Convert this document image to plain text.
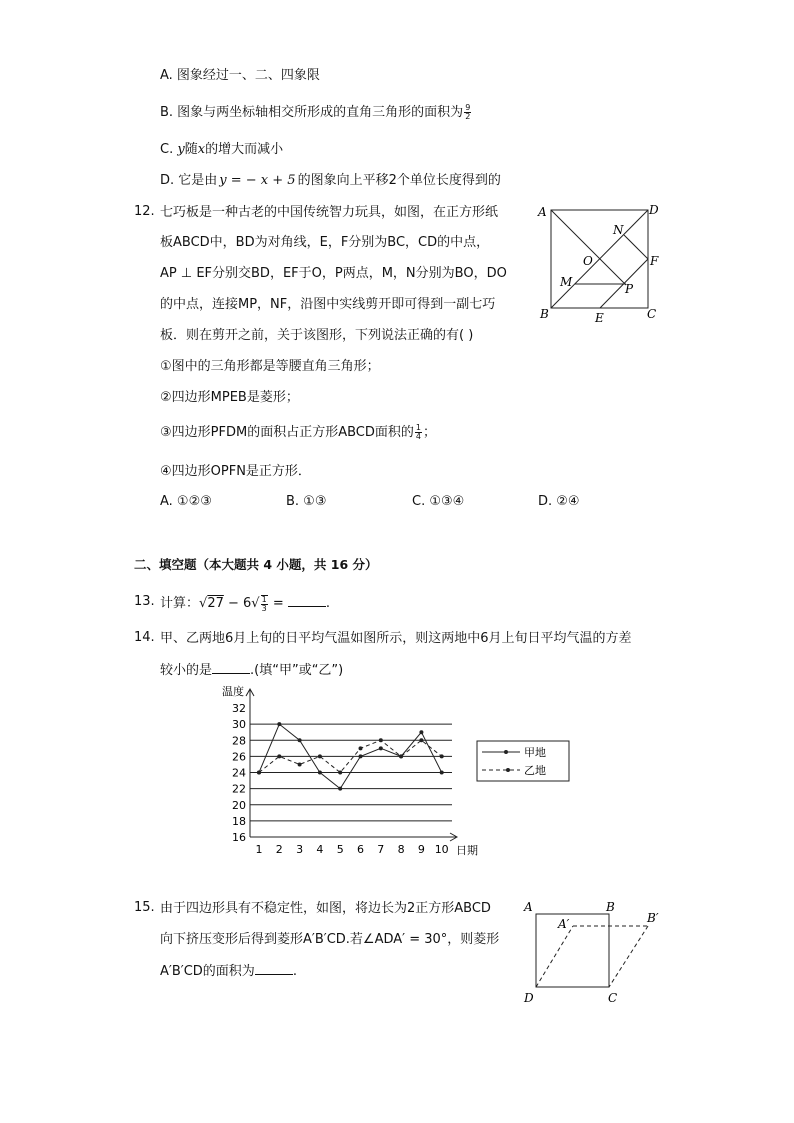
A. 图象经过一、二、四象限
B. 图象与两坐标轴相交所形成的直角三角形的面积为 $\frac{9}{2}$
C. y随x的增大而减小
D. 它是由 y = − x + 5 的图象向上平移2个单位长度得到的
12. 七巧板是一种古老的中国传统智力玩具，如图，在正方形纸
板ABCD中，BD为对角线，E，F分别为BC，CD的中点，
AP ⊥ EF分别交BD，EF于O，P两点，M，N分别为BO，DO
的中点，连接MP，NF，沿图中实线剪开即可得到一副七巧
板．则在剪开之前，关于该图形，下列说法正确的有( )
①图中的三角形都是等腰直角三角形；
②四边形MPEB是菱形；
③四边形PFDM的面积占正方形ABCD面积的 $\frac{1}{4}$ ；
④四边形OPFN是正方形．
A. ①②③	B. ①③	C. ①③④	D. ②④
A	D
B	C
E
F
M
N
O
P
二、填空题（本大题共 4 小题，共 16 分）
13. 计算：$√27 - 6√ \frac{1}{3}$ =	.
14. 甲、乙两地6月上旬的日平均气温如图所示，则这两地中6月上旬日平均气温的方差
较小的是	.(填“甲”或“乙”)
16
18
20
22
24
26
28
30
32
1 2 3 4 5 6 7 8 9 10
温度
日期
甲地
乙地
15. 由于四边形具有不稳定性，如图，将边长为2正方形ABCD
向下挤压变形后得到菱形A′B′CD.若∠ADA′ = 30°，则菱形
A′B′CD的面积为	.
A	B
A′	B′
D	C
